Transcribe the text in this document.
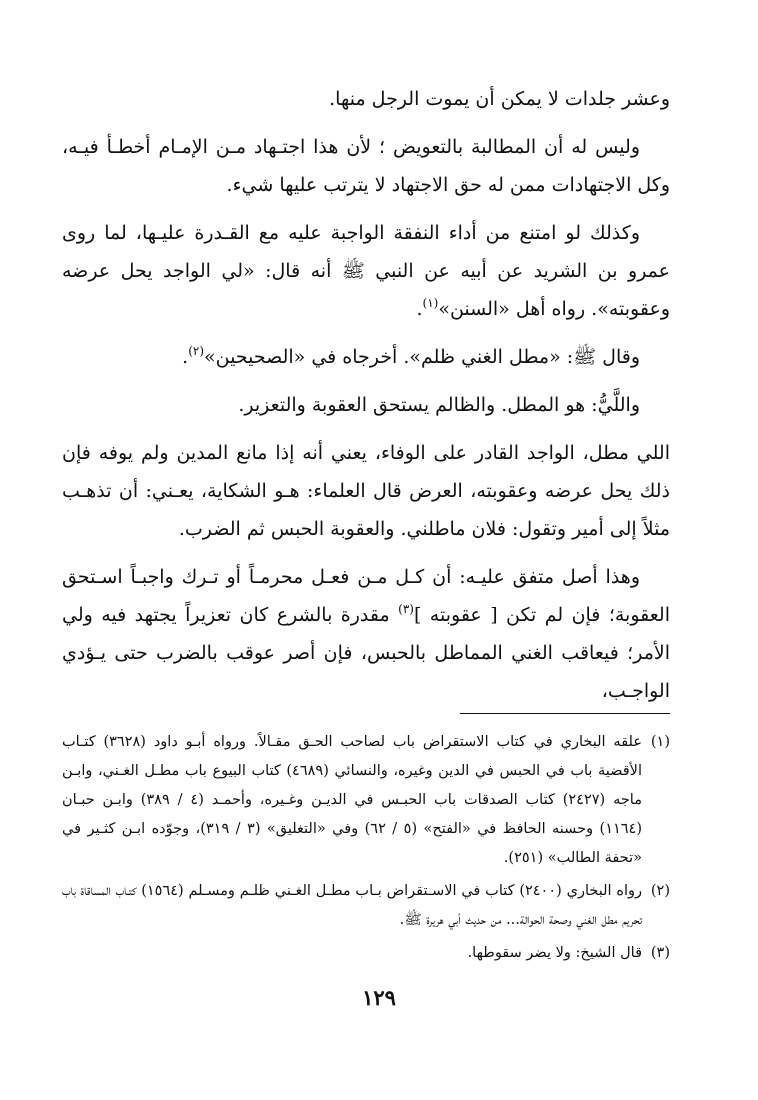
وعشر جلدات لا يمكن أن يموت الرجل منها.

وليس له أن المطالبة بالتعويض ؛ لأن هذا اجتـهاد مـن الإمـام أخطـأ فيـه، وكل الاجتهادات ممن له حق الاجتهاد لا يترتب عليها شيء.

وكذلك لو امتنع من أداء النفقة الواجبة عليه مع القـدرة عليـها، لما روى عمرو بن الشريد عن أبيه عن النبي ﷺ أنه قال: «لي الواجد يحل عرضه وعقوبته». رواه أهل «السنن»$^{(١)}$.

وقال ﷺ: «مطل الغني ظلم». أخرجاه في «الصحيحين»$^{(٢)}$.

واللَّيُّ: هو المطل. والظالم يستحق العقوبة والتعزير.

اللي مطل، الواجد القادر على الوفاء، يعني أنه إذا مانع المدين ولم يوفه فإن ذلك يحل عرضه وعقوبته، العرض قال العلماء: هـو الشكاية، يعـني: أن تذهـب مثلاً إلى أمير وتقول: فلان ماطلني. والعقوبة الحبس ثم الضرب.

وهذا أصل متفق عليـه: أن كـل مـن فعـل محرمـاً أو تـرك واجبـاً اسـتحق العقوبة؛ فإن لم تكن [ عقوبته ]$^{(٣)}$ مقدرة بالشرع كان تعزيراً يجتهد فيه ولي الأمر؛ فيعاقب الغني المماطل بالحبس، فإن أصر عوقب بالضرب حتى يـؤدي الواجـب،

(١)علقه البخاري في كتاب الاستقراض باب لصاحب الحـق مقـالاً. ورواه أبـو داود (٣٦٢٨) كتـاب الأقضية باب في الحبس في الدين وغيره، والنسائي (٤٦٨٩) كتاب البيوع باب مطـل الغـني، وابـن ماجه (٢٤٢٧) كتاب الصدقات باب الحبـس في الديـن وغـيره، وأحمـد (٤ / ٣٨٩) وابـن حبـان (١١٦٤) وحسنه الحافظ في «الفتح» (٥ / ٦٢) وفي «التغليق» (٣ / ٣١٩)، وجوّده ابـن كثـير في «تحفة الطالب» (٢٥١).

(٢)رواه البخاري (٢٤٠٠) كتاب في الاسـتقراض بـاب مطـل الغـني ظلـم ومسـلم (١٥٦٤) كتـاب المساقاة باب تحريم مطل الغني وصحة الحوالة... من حديث أبي هريرة ﷺ.

(٣)قال الشيخ: ولا يضر سقوطها.

١٢٩
